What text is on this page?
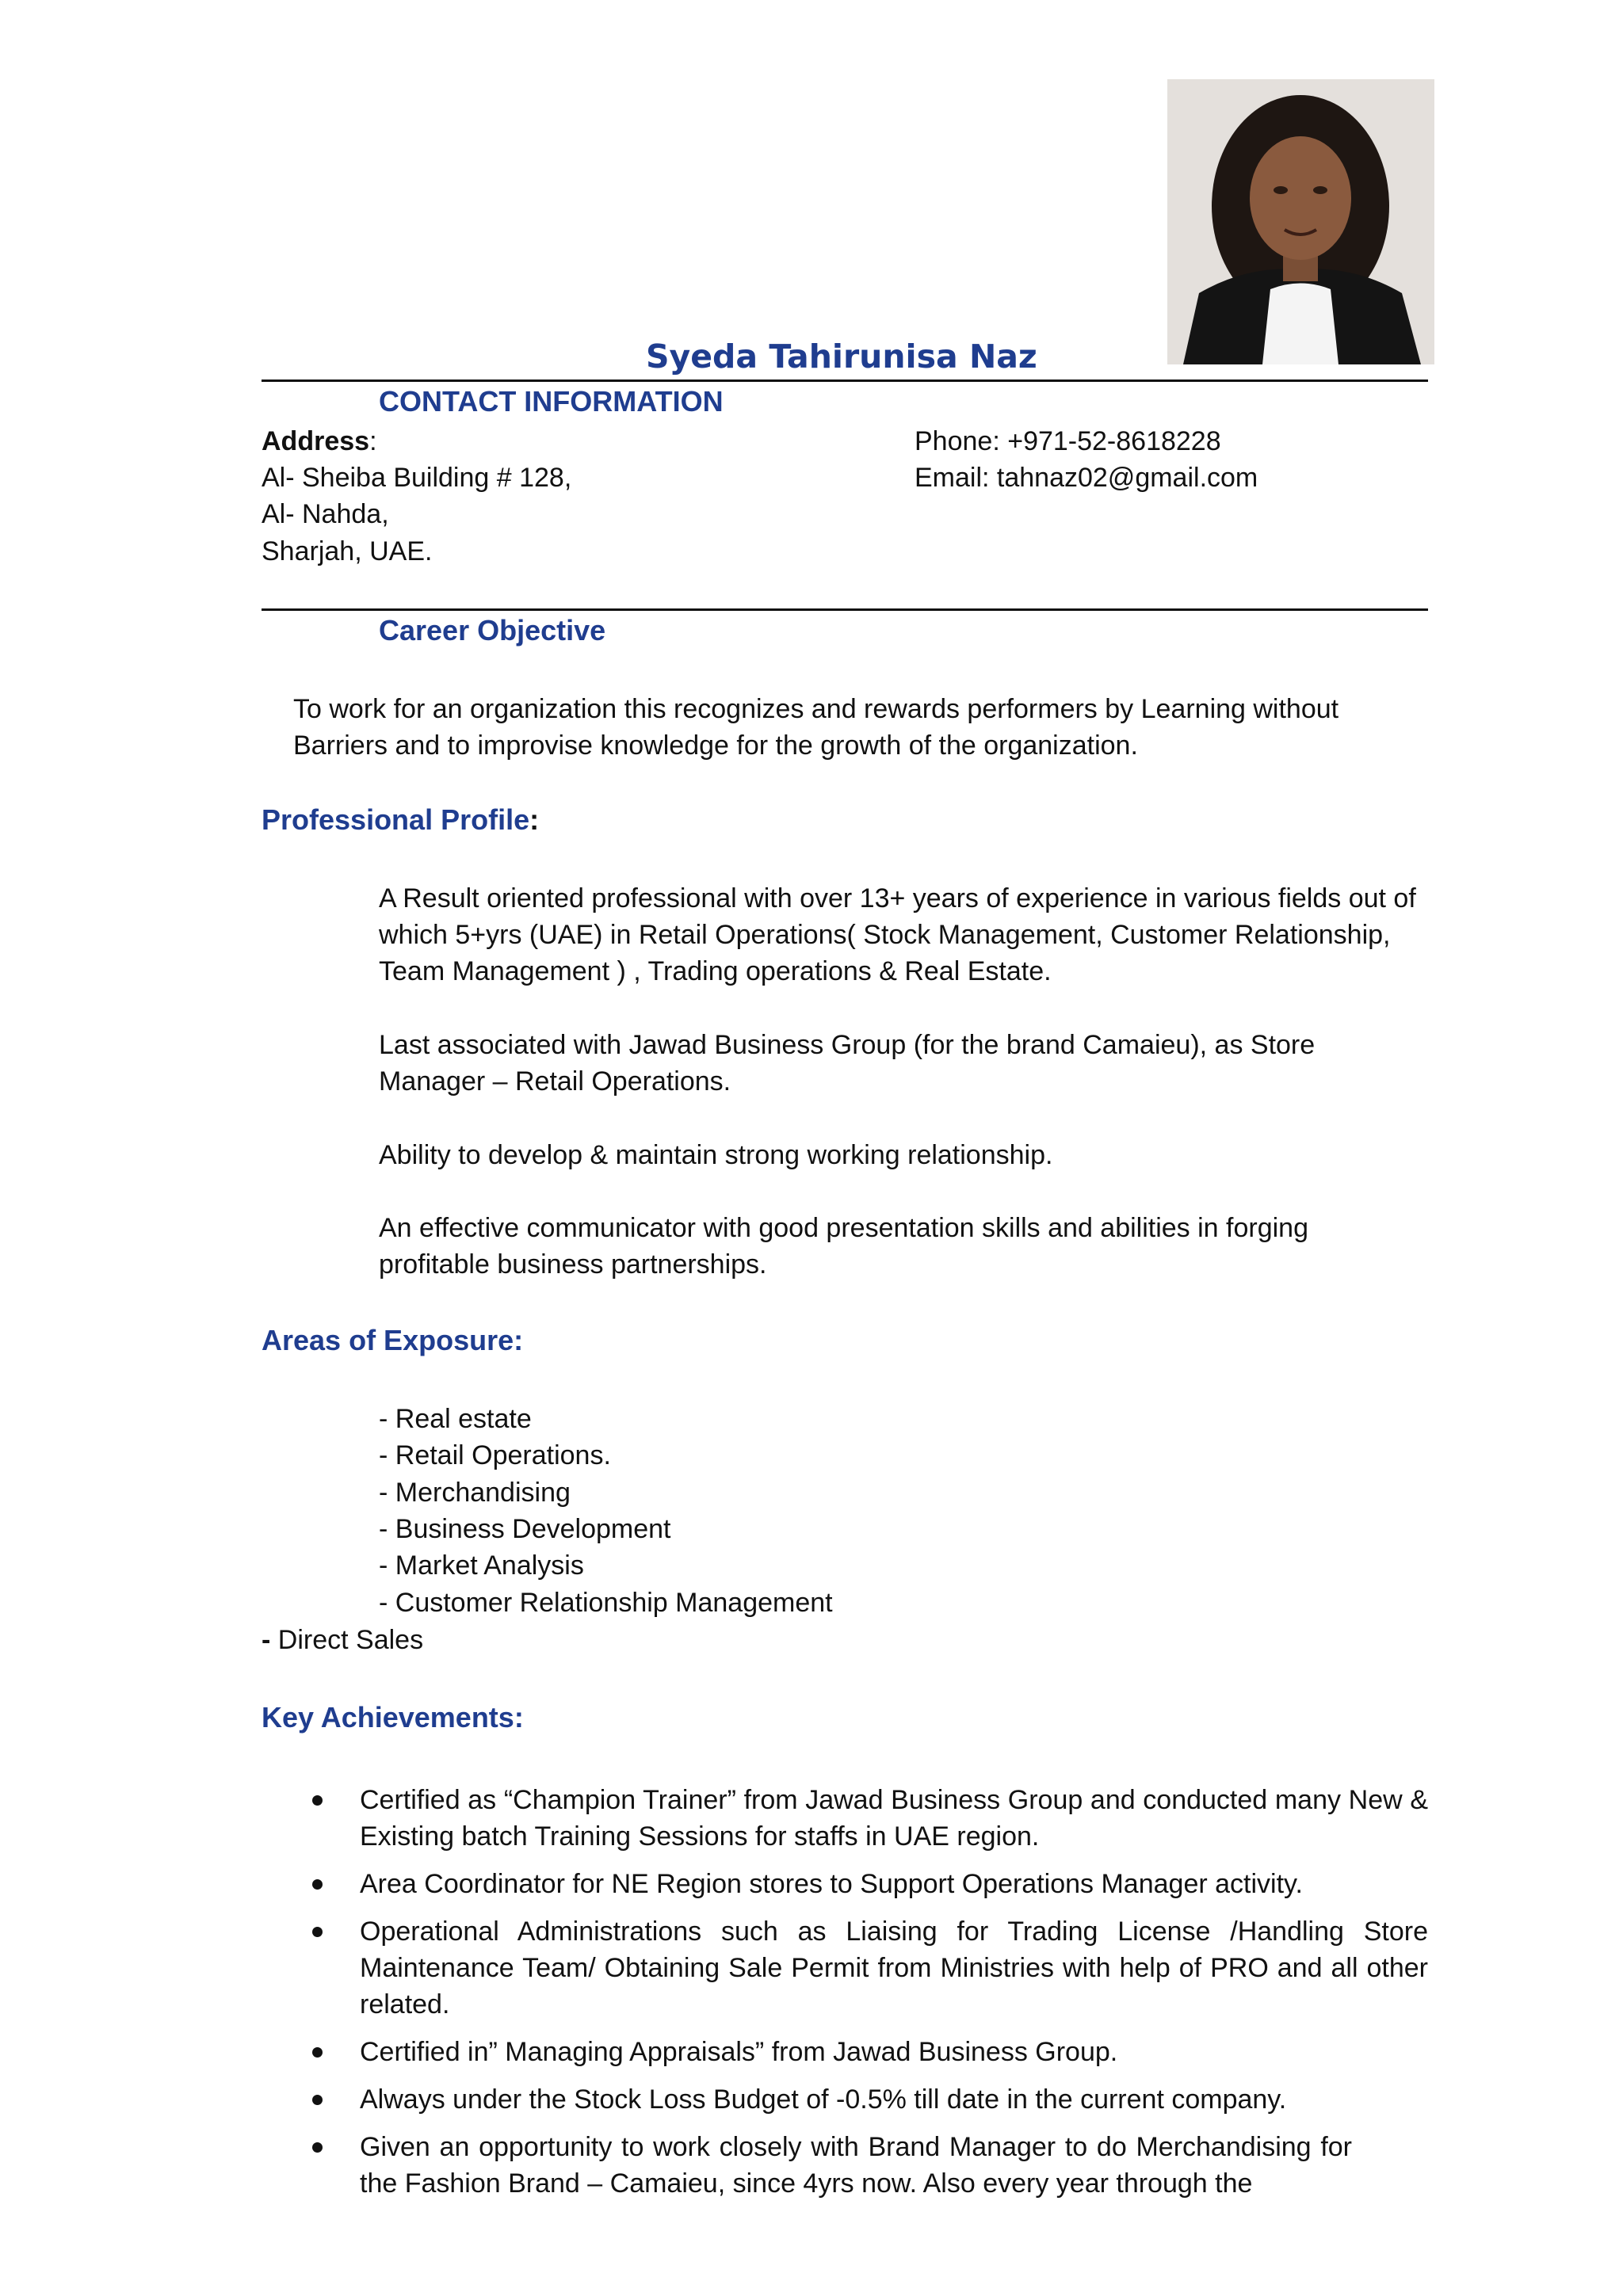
Syeda Tahirunisa Naz
CONTACT INFORMATION
Address:
Al- Sheiba Building # 128,
Al- Nahda,
Sharjah, UAE.
Phone: +971-52-8618228
Email: tahnaz02@gmail.com
Career Objective
To work for an organization this recognizes and rewards performers by Learning without
Barriers and to improvise knowledge for the growth of the organization.
Professional Profile:
A Result oriented professional with over 13+ years of experience in various fields out of which 5+yrs (UAE) in Retail Operations( Stock Management, Customer Relationship, Team Management ) , Trading operations & Real Estate.
Last associated with Jawad Business Group (for the brand Camaieu), as Store Manager – Retail Operations.
Ability to develop & maintain strong working relationship.
An effective communicator with good presentation skills and abilities in forging profitable business partnerships.
Areas of Exposure:
- Real estate
- Retail Operations.
- Merchandising
- Business Development
- Market Analysis
- Customer Relationship Management
- Direct Sales
Key Achievements:
Certified as “Champion Trainer” from Jawad Business Group and conducted many New & Existing batch Training Sessions for staffs in UAE region.
Area Coordinator for NE Region stores to Support Operations Manager activity.
Operational Administrations such as Liaising for Trading License /Handling Store Maintenance Team/ Obtaining Sale Permit from Ministries with help of PRO and all other related.
Certified in” Managing Appraisals” from Jawad Business Group.
Always under the Stock Loss Budget of -0.5% till date in the current company.
Given an opportunity to work closely with Brand Manager to do Merchandising for the Fashion Brand – Camaieu, since 4yrs now. Also every year through the
